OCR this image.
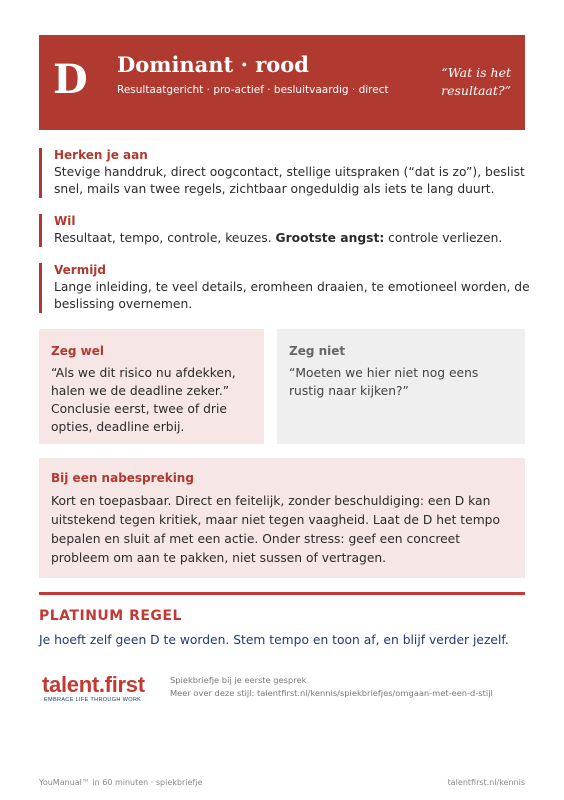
D Dominant · rood
Resultaatgericht · pro-actief · besluitvaardig · direct
“Wat is het resultaat?”
Herken je aan
Stevige handdruk, direct oogcontact, stellige uitspraken (“dat is zo”), beslist snel, mails van twee regels, zichtbaar ongeduldig als iets te lang duurt.
Wil
Resultaat, tempo, controle, keuzes. Grootste angst: controle verliezen.
Vermijd
Lange inleiding, te veel details, eromheen draaien, te emotioneel worden, de beslissing overnemen.
Zeg wel
“Als we dit risico nu afdekken, halen we de deadline zeker.” Conclusie eerst, twee of drie opties, deadline erbij.
Zeg niet
“Moeten we hier niet nog eens rustig naar kijken?”
Bij een nabespreking
Kort en toepasbaar. Direct en feitelijk, zonder beschuldiging: een D kan uitstekend tegen kritiek, maar niet tegen vaagheid. Laat de D het tempo bepalen en sluit af met een actie. Onder stress: geef een concreet probleem om aan te pakken, niet sussen of vertragen.
PLATINUM REGEL
Je hoeft zelf geen D te worden. Stem tempo en toon af, en blijf verder jezelf.
talent.first
EMBRACE LIFE THROUGH WORK
Spiekbriefje bij je eerste gesprek
Meer over deze stijl: talentfirst.nl/kennis/spiekbriefjes/omgaan-met-een-d-stijl
YouManual™ in 60 minuten · spiekbriefje	talentfirst.nl/kennis
